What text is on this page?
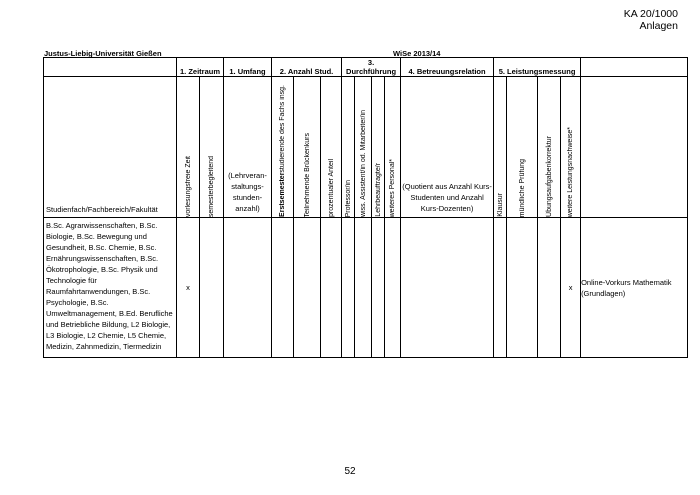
KA 20/1000
Anlagen
Justus-Liebig-Universität Gießen	WiSe 2013/14
	1. Zeitraum		1. Umfang	2. Anzahl Stud.			3. Durchführung				4. Betreuungsrelation	5. Leistungsmessung				

Studienfach/Fachbereich/Fakultät	vorlesungsfreie Zeit	semesterbegleitend	(Lehrveran-staltungs-stunden-anzahl)	Erstsemesterstudierende des Fachs insg.	Teilnehmende Brückenkurs	prozentualer Anteil	Professor/in	wiss. Assistent/in od. Mitarbeiter/in	Lehrbeauftragte/r	weiteres Personal*	(Quotient aus Anzahl Kurs-Studenten und Anzahl Kurs-Dozenten)	Klausur	mündliche Prüfung	Übungsaufgabenkorrektur	weitere Leistungsnachweise*	

B.Sc. Agrarwissenschaften, B.Sc. Biologie, B.Sc. Bewegung und Gesundheit, B.Sc. Chemie, B.Sc. Ernährungswissenschaften, B.Sc. Ökotrophologie, B.Sc. Physik und Technologie für Raumfahrtanwendungen, B.Sc. Psychologie, B.Sc. Umweltmanagement, B.Ed. Berufliche und Betriebliche Bildung, L2 Biologie, L3 Biologie, L2 Chemie, L5 Chemie, Medizin, Zahnmedizin, Tiermedizin	x														x	Online-Vorkurs Mathematik (Grundlagen)
52
